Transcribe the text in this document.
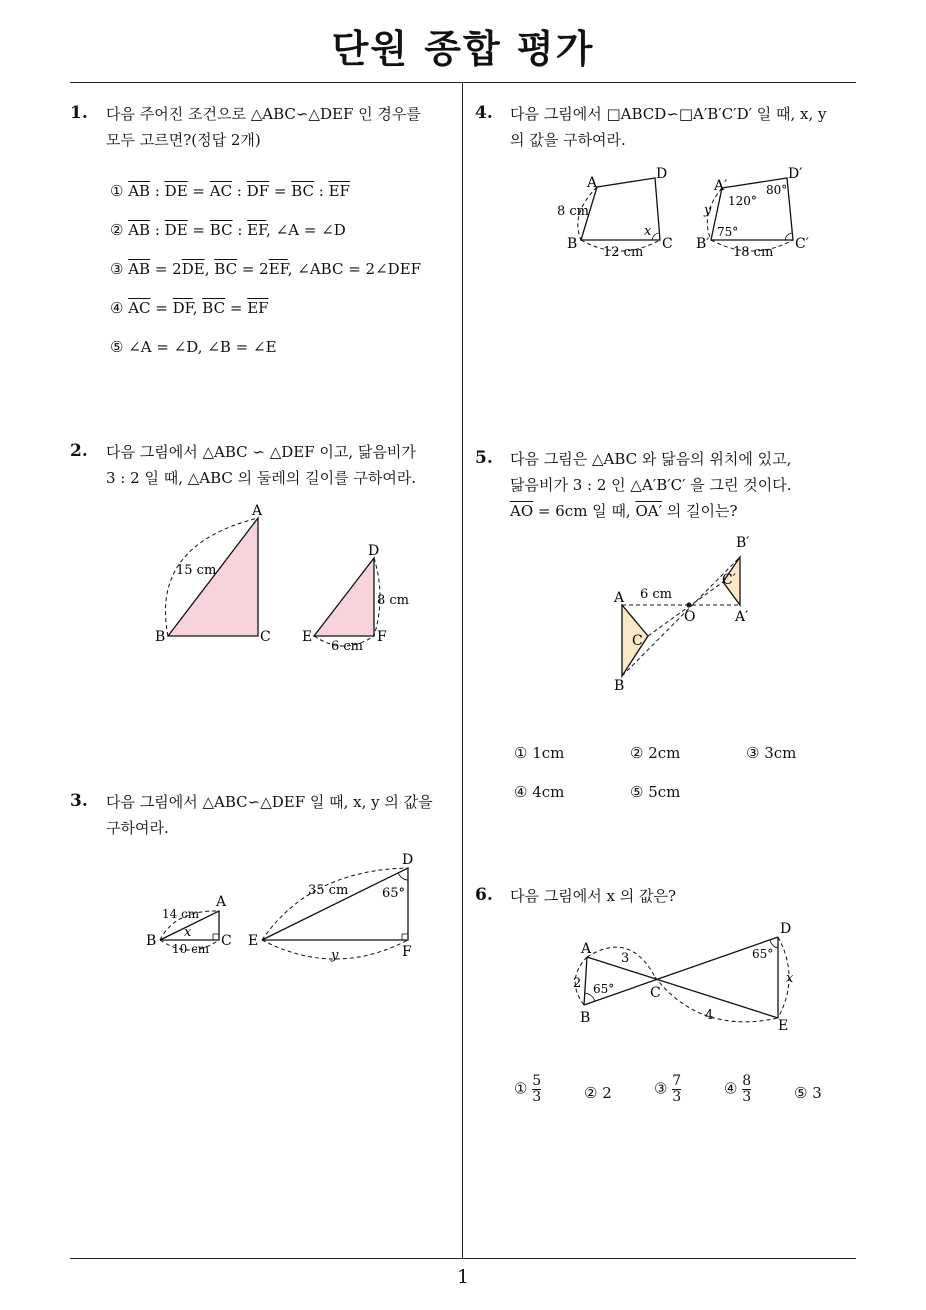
단원 종합 평가
1
1. 다음 주어진 조건으로 △ABC∽△DEF 인 경우를
모두 고르면?(정답 2개)
① $\overline{AB}$ : $\overline{DE} = \overline{AC}$ : $\overline{DF} = \overline{BC}$ : $\overline{EF}$
② $\overline{AB}$ : $\overline{DE} = \overline{BC}$ : $\overline{EF}$, ∠A = ∠D
③ $\overline{AB} = 2\overline{DE}$, $\overline{BC} = 2\overline{EF}$, ∠ABC = 2∠DEF
④ $\overline{AC} = \overline{DF}$, $\overline{BC} = \overline{EF}$
⑤ ∠A = ∠D, ∠B = ∠E
2. 다음 그림에서 △ABC ∽ △DEF 이고, 닮음비가
3 : 2 일 때, △ABC 의 둘레의 길이를 구하여라.
A
B	C
15 cm
D
E	F
8 cm
6 cm
3. 다음 그림에서 △ABC∽△DEF 일 때, x, y 의 값을
구하여라.
A
B	C
14 cm
x
10 cm
D
E
F
35 cm	65°
y
4. 다음 그림에서 □ABCD∽□A′B′C′D′ 일 때, x, y
의 값을 구하여라.
A
B	C
D
8 cm
12 cm
x
A′
B′	C′
D′
y
120°
80°
75°
18 cm
5. 다음 그림은 △ABC 와 닮음의 위치에 있고,
닮음비가 3 : 2 인 △A′B′C′ 을 그린 것이다.
$\overline{AO} = 6cm$ 일 때, OA′ 의 길이는?
A
B
C
O	A′
B′
C′
6 cm
① 1cm	② 2cm	③ 3cm
④ 4cm	⑤ 5cm
6. 다음 그림에서 x 의 값은?
A
B
C
D
E
3
2
4
x
65°
65°
① $\frac{5}{3}$	② 2	③ $\frac{7}{3}$	④ $\frac{8}{3}$	⑤ 3
